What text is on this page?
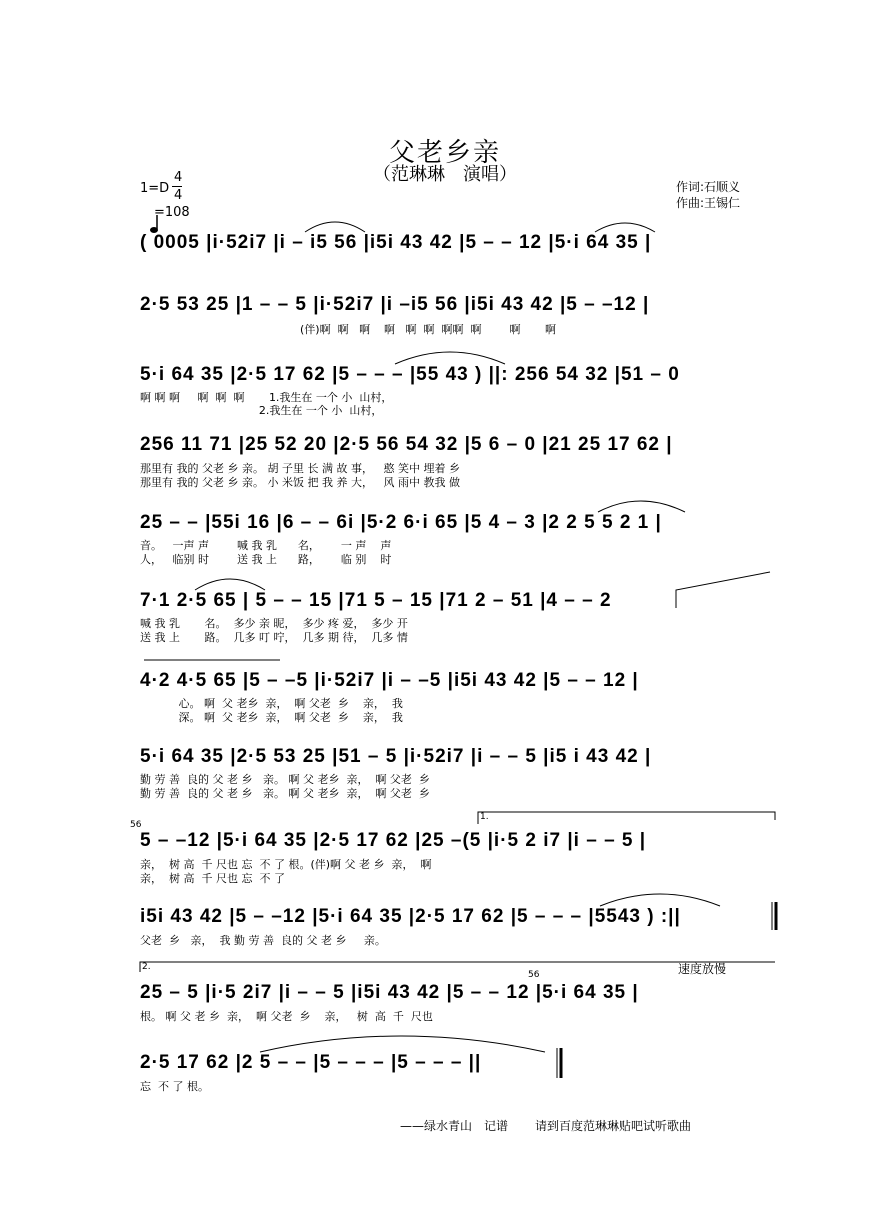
父老乡亲
（范琳琳　演唱）
1=D
4
4

=108
作词:石顺义
作曲:王锡仁
( 0005 |i·52i7 |i – i5 56 |i5i 43 42 |5 – – 12 |5·i 64 35 |
2·5 53 25 |1 – – 5 |i·52i7 |i –i5 56 |i5i 43 42 |5 – –12 |
(伴)啊  啊   啊    啊   啊  啊  啊啊  啊        啊       啊
5·i 64 35 |2·5 17 62 |5 – – – |55 43 ) ||: 256 54 32 |51 – 0
啊 啊 啊     啊  啊  啊       1.我生在 一个 小  山村，
2.我生在 一个 小  山村，
256 11 71 |25 52 20 |2·5 56 54 32 |5 6 – 0 |21 25 17 62 |
那里有 我的 父老 乡 亲。 胡 子里 长 满 故 事，   憨 笑中 埋着 乡
那里有 我的 父老 乡 亲。 小 米饭 把 我 养 大，   风 雨中 教我 做
25 – – |55i 16 |6 – – 6i |5·2 6·i 65 |5 4 – 3 |2 2 5 5 2 1 |
音。   一声 声        喊 我 乳      名，      一 声    声
人，   临别 时        送 我 上      路，      临 别    时
7·1 2·5 65 | 5 – – 15 |71 5 – 15 |71 2 – 51 |4 – – 2
喊 我 乳       名。  多少 亲 昵，  多少 疼 爱，  多少 开
送 我 上       路。  几多 叮 咛，  几多 期 待，  几多 情
4·2 4·5 65 |5 – –5 |i·52i7 |i – –5 |i5i 43 42 |5 – – 12 |
心。 啊  父 老乡  亲，  啊 父老  乡    亲，  我
深。 啊  父 老乡  亲，  啊 父老  乡    亲，  我
5·i 64 35 |2·5 53 25 |51 – 5 |i·52i7 |i – – 5 |i5 i 43 42 |
勤 劳 善  良的 父 老 乡   亲。 啊 父 老乡  亲，  啊 父老  乡
勤 劳 善  良的 父 老 乡   亲。 啊 父 老乡  亲，  啊 父老  乡
1.
56
5 – –12 |5·i 64 35 |2·5 17 62 |25 –(5 |i·5 2 i7 |i – – 5 |
亲，  树 高  千 尺也 忘  不 了 根。(伴)啊 父 老 乡  亲，  啊
亲，  树 高  千 尺也 忘  不 了
i5i 43 42 |5 – –12 |5·i 64 35 |2·5 17 62 |5 – – – |5543 ) :||
父老  乡   亲，  我 勤 劳 善  良的 父 老 乡     亲。
2.	速度放慢
56
25 – 5 |i·5 2i7 |i – – 5 |i5i 43 42 |5 – – 12 |5·i 64 35 |
根。 啊 父 老 乡  亲，  啊 父老  乡    亲，   树  高  千  尺也
2·5 17 62 |2 5 – – |5 – – – |5 – – – ||
忘  不 了 根。
——绿水青山　记谱 请到百度范琳琳贴吧试听歌曲
